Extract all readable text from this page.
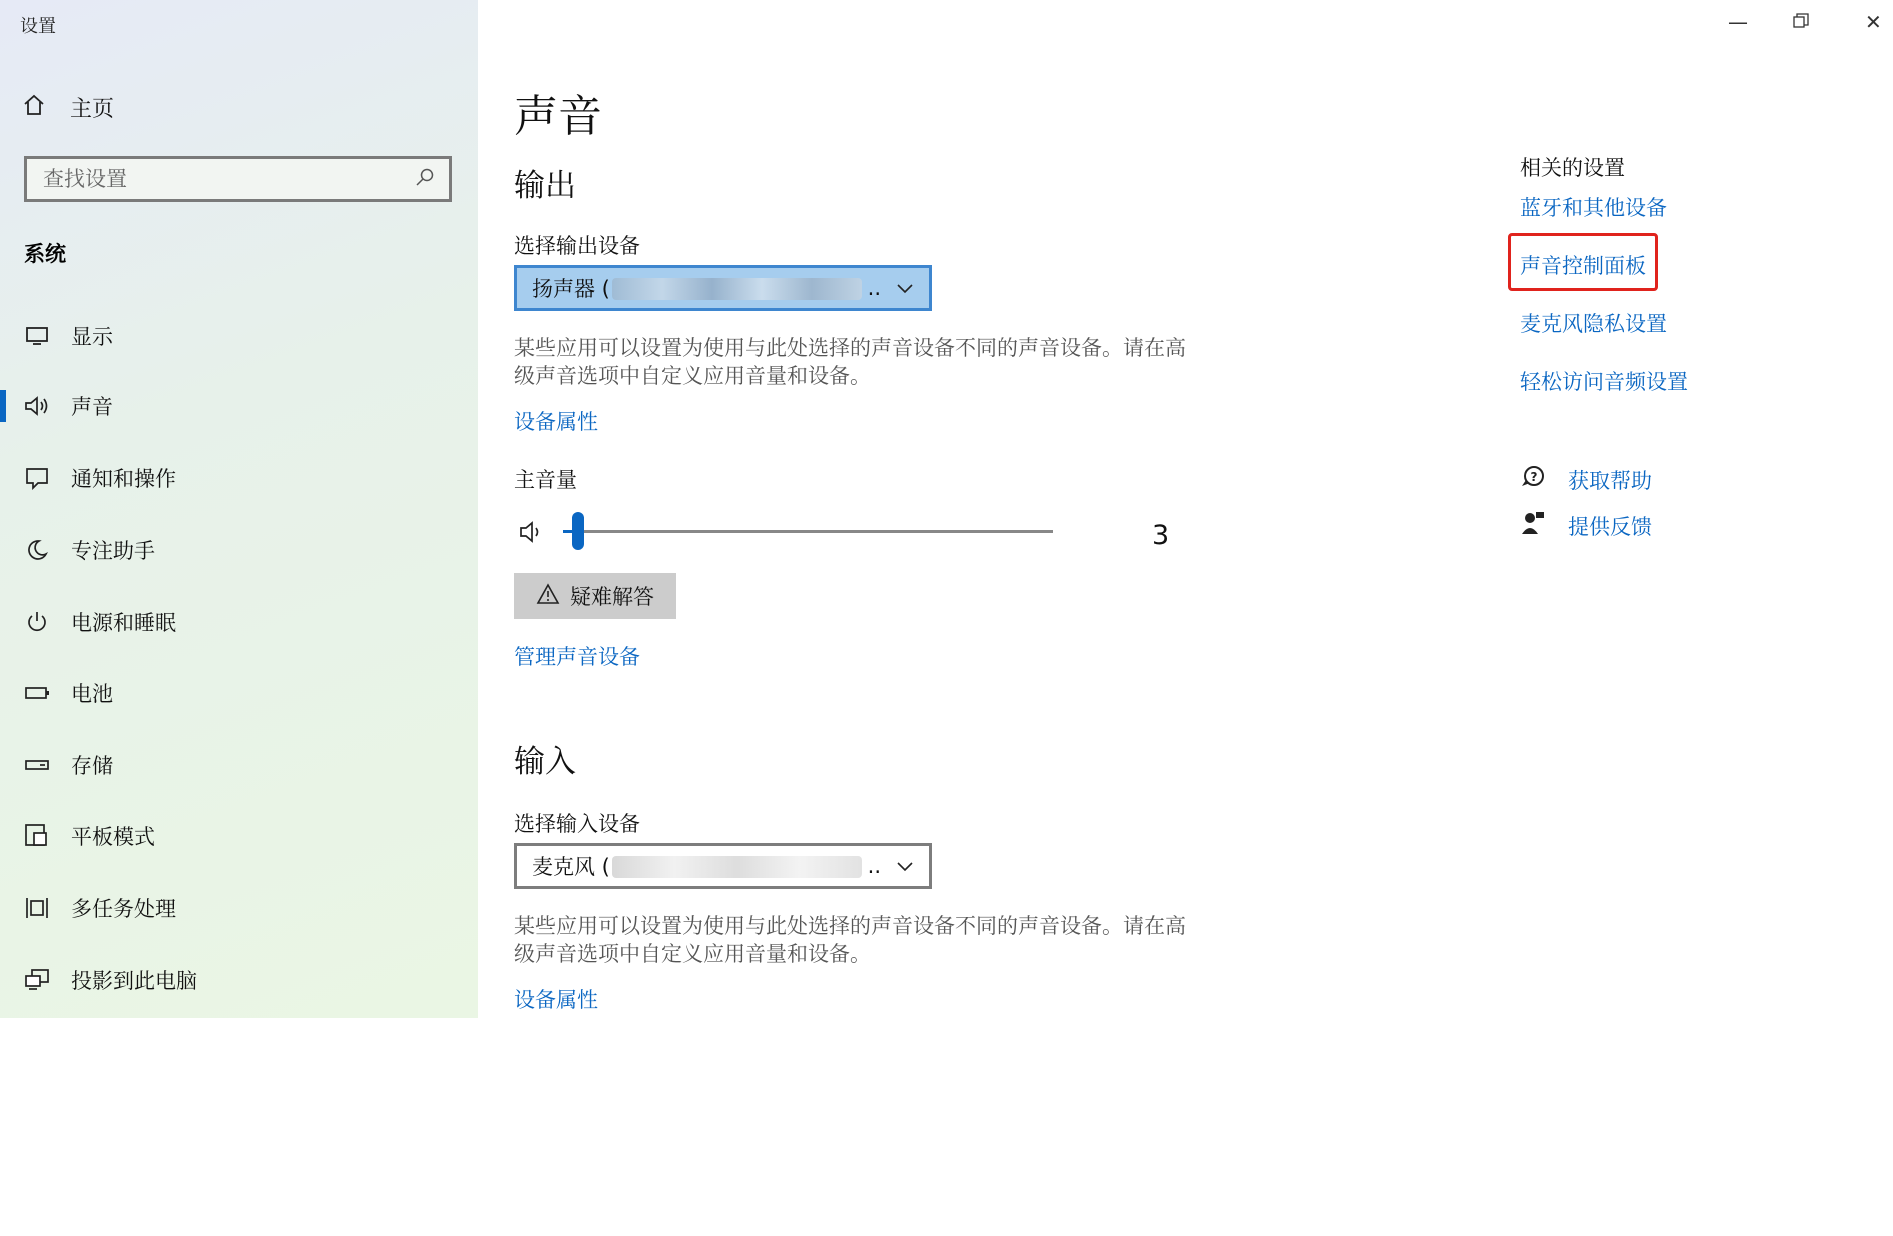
设置
主页
查找设置
系统
显示
声音
通知和操作
专注助手
电源和睡眠
电池
存储
平板模式
多任务处理
投影到此电脑
—	✕
声音
输出
选择输出设备
扬声器 (	..
某些应用可以设置为使用与此处选择的声音设备不同的声音设备。请在高级声音选项中自定义应用音量和设备。
设备属性
主音量
3
疑难解答
管理声音设备
输入
选择输入设备
麦克风 (	..
某些应用可以设置为使用与此处选择的声音设备不同的声音设备。请在高级声音选项中自定义应用音量和设备。
设备属性
相关的设置
蓝牙和其他设备
声音控制面板
麦克风隐私设置
轻松访问音频设置
? 获取帮助
提供反馈
